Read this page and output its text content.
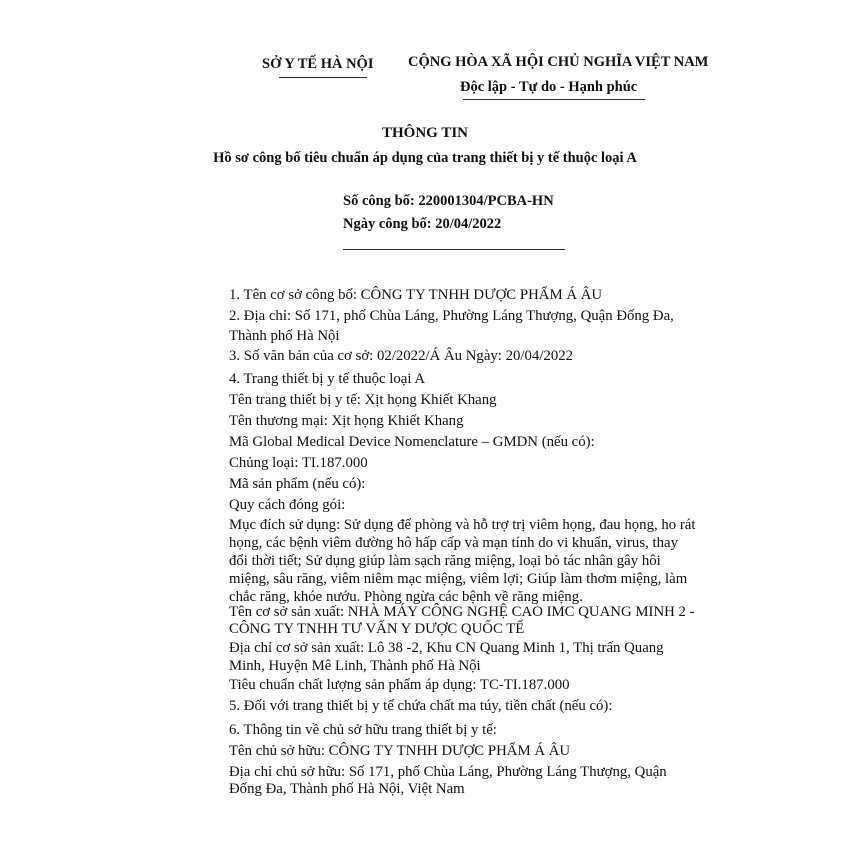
SỞ Y TẾ HÀ NỘI CỘNG HÒA XÃ HỘI CHỦ NGHĨA VIỆT NAM
Độc lập - Tự do - Hạnh phúc
THÔNG TIN
Hồ sơ công bố tiêu chuẩn áp dụng của trang thiết bị y tế thuộc loại A
Số công bố: 220001304/PCBA-HN
Ngày công bố: 20/04/2022
1. Tên cơ sở công bố: CÔNG TY TNHH DƯỢC PHẨM Á ÂU
2. Địa chỉ: Số 171, phố Chùa Láng, Phường Láng Thượng, Quận Đống Đa,
Thành phố Hà Nội
3. Số văn bản của cơ sở: 02/2022/Á Âu Ngày: 20/04/2022
4. Trang thiết bị y tế thuộc loại A
Tên trang thiết bị y tế: Xịt họng Khiết Khang
Tên thương mại: Xịt họng Khiết Khang
Mã Global Medical Device Nomenclature – GMDN (nếu có):
Chủng loại: TI.187.000
Mã sản phẩm (nếu có):
Quy cách đóng gói:
Mục đích sử dụng: Sử dụng để phòng và hỗ trợ trị viêm họng, đau họng, ho rát
họng, các bệnh viêm đường hô hấp cấp và mạn tính do vi khuẩn, virus, thay
đổi thời tiết; Sử dụng giúp làm sạch răng miệng, loại bỏ tác nhân gây hôi
miệng, sâu răng, viêm niêm mạc miệng, viêm lợi; Giúp làm thơm miệng, làm
chắc răng, khóe nướu. Phòng ngừa các bệnh về răng miệng.
Tên cơ sở sản xuất: NHÀ MÁY CÔNG NGHỆ CAO IMC QUANG MINH 2 -
CÔNG TY TNHH TƯ VẤN Y DƯỢC QUỐC TẾ
Địa chỉ cơ sở sản xuất: Lô 38 -2, Khu CN Quang Minh 1, Thị trấn Quang
Minh, Huyện Mê Linh, Thành phố Hà Nội
Tiêu chuẩn chất lượng sản phẩm áp dụng: TC-TI.187.000
5. Đối với trang thiết bị y tế chứa chất ma túy, tiền chất (nếu có):
6. Thông tin về chủ sở hữu trang thiết bị y tế:
Tên chủ sở hữu: CÔNG TY TNHH DƯỢC PHẨM Á ÂU
Địa chỉ chủ sở hữu: Số 171, phố Chùa Láng, Phường Láng Thượng, Quận
Đống Đa, Thành phố Hà Nội, Việt Nam
